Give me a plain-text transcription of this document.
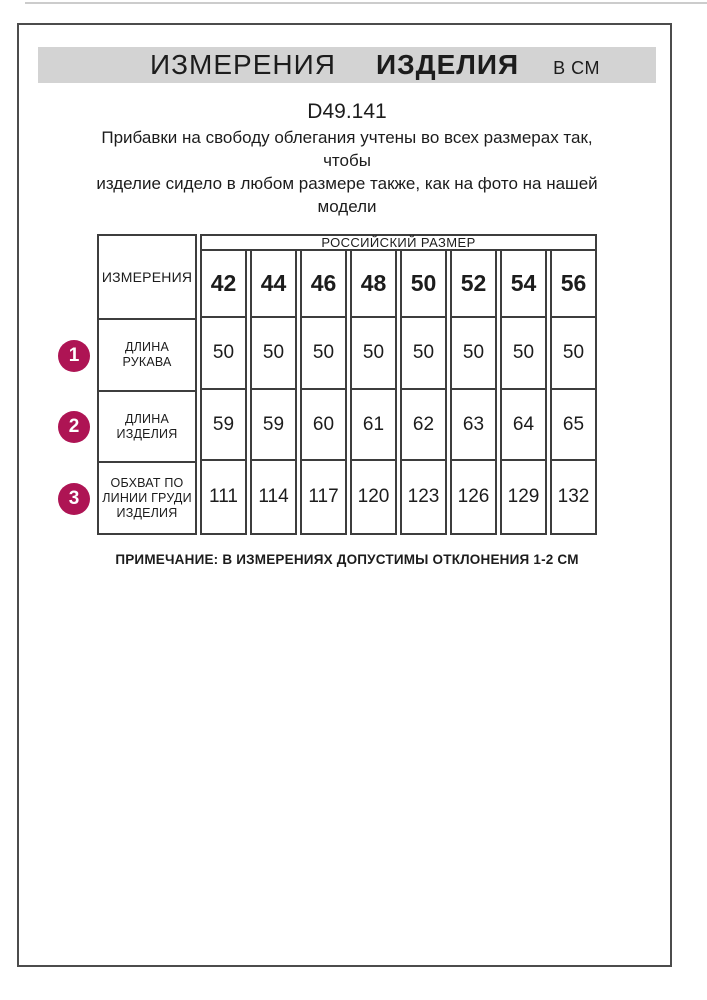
ИЗМЕРЕНИЯ ИЗДЕЛИЯ В СМ
D49.141
Прибавки на свободу облегания учтены во всех размерах так, чтобы
изделие сидело в любом размере также, как на фото на нашей
модели
ИЗМЕРЕНИЯ
ДЛИНА РУКАВА
ДЛИНА ИЗДЕЛИЯ
ОБХВАТ ПО ЛИНИИ ГРУДИ ИЗДЕЛИЯ
РОССИЙСКИЙ РАЗМЕР
42
50
59
111
44
50
59
114
46
50
60
117
48
50
61
120
50
50
62
123
52
50
63
126
54
50
64
129
56
50
65
132
1
2
3
ПРИМЕЧАНИЕ: В ИЗМЕРЕНИЯХ ДОПУСТИМЫ ОТКЛОНЕНИЯ 1-2 СМ
